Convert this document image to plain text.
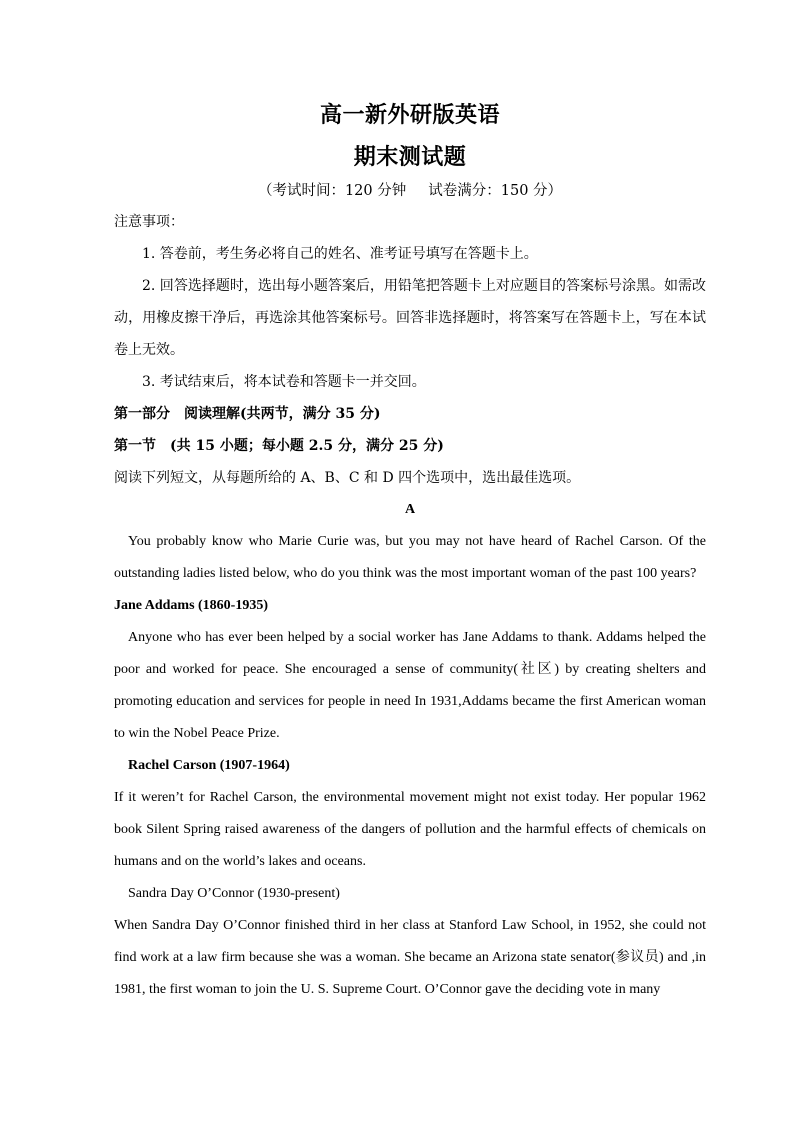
高一新外研版英语
期末测试题
（考试时间：120 分钟 试卷满分：150 分）

注意事项：

1. 答卷前，考生务必将自己的姓名、准考证号填写在答题卡上。

2. 回答选择题时，选出每小题答案后，用铅笔把答题卡上对应题目的答案标号涂黑。如需改动，用橡皮擦干净后，再选涂其他答案标号。回答非选择题时，将答案写在答题卡上，写在本试卷上无效。

3. 考试结束后，将本试卷和答题卡一并交回。

第一部分　阅读理解(共两节，满分 35 分)

第一节　(共 15 小题；每小题 2.5 分，满分 25 分)

阅读下列短文，从每题所给的 A、B、C 和 D 四个选项中，选出最佳选项。

A

You probably know who Marie Curie was, but you may not have heard of Rachel Carson. Of the outstanding ladies listed below, who do you think was the most important woman of the past 100 years?

Jane Addams (1860-1935)

Anyone who has ever been helped by a social worker has Jane Addams to thank. Addams helped the poor and worked for peace. She encouraged a sense of community(社区) by creating shelters and promoting education and services for people in need In 1931,Addams became the first American woman to win the Nobel Peace Prize.

Rachel Carson (1907-1964)

If it weren’t for Rachel Carson, the environmental movement might not exist today. Her popular 1962 book Silent Spring raised awareness of the dangers of pollution and the harmful effects of chemicals on humans and on the world’s lakes and oceans.

Sandra Day O’Connor (1930-present)

When Sandra Day O’Connor finished third in her class at Stanford Law School, in 1952, she could not find work at a law firm because she was a woman. She became an Arizona state senator(参议员) and ,in 1981, the first woman to join the U. S. Supreme Court. O’Connor gave the deciding vote in many
